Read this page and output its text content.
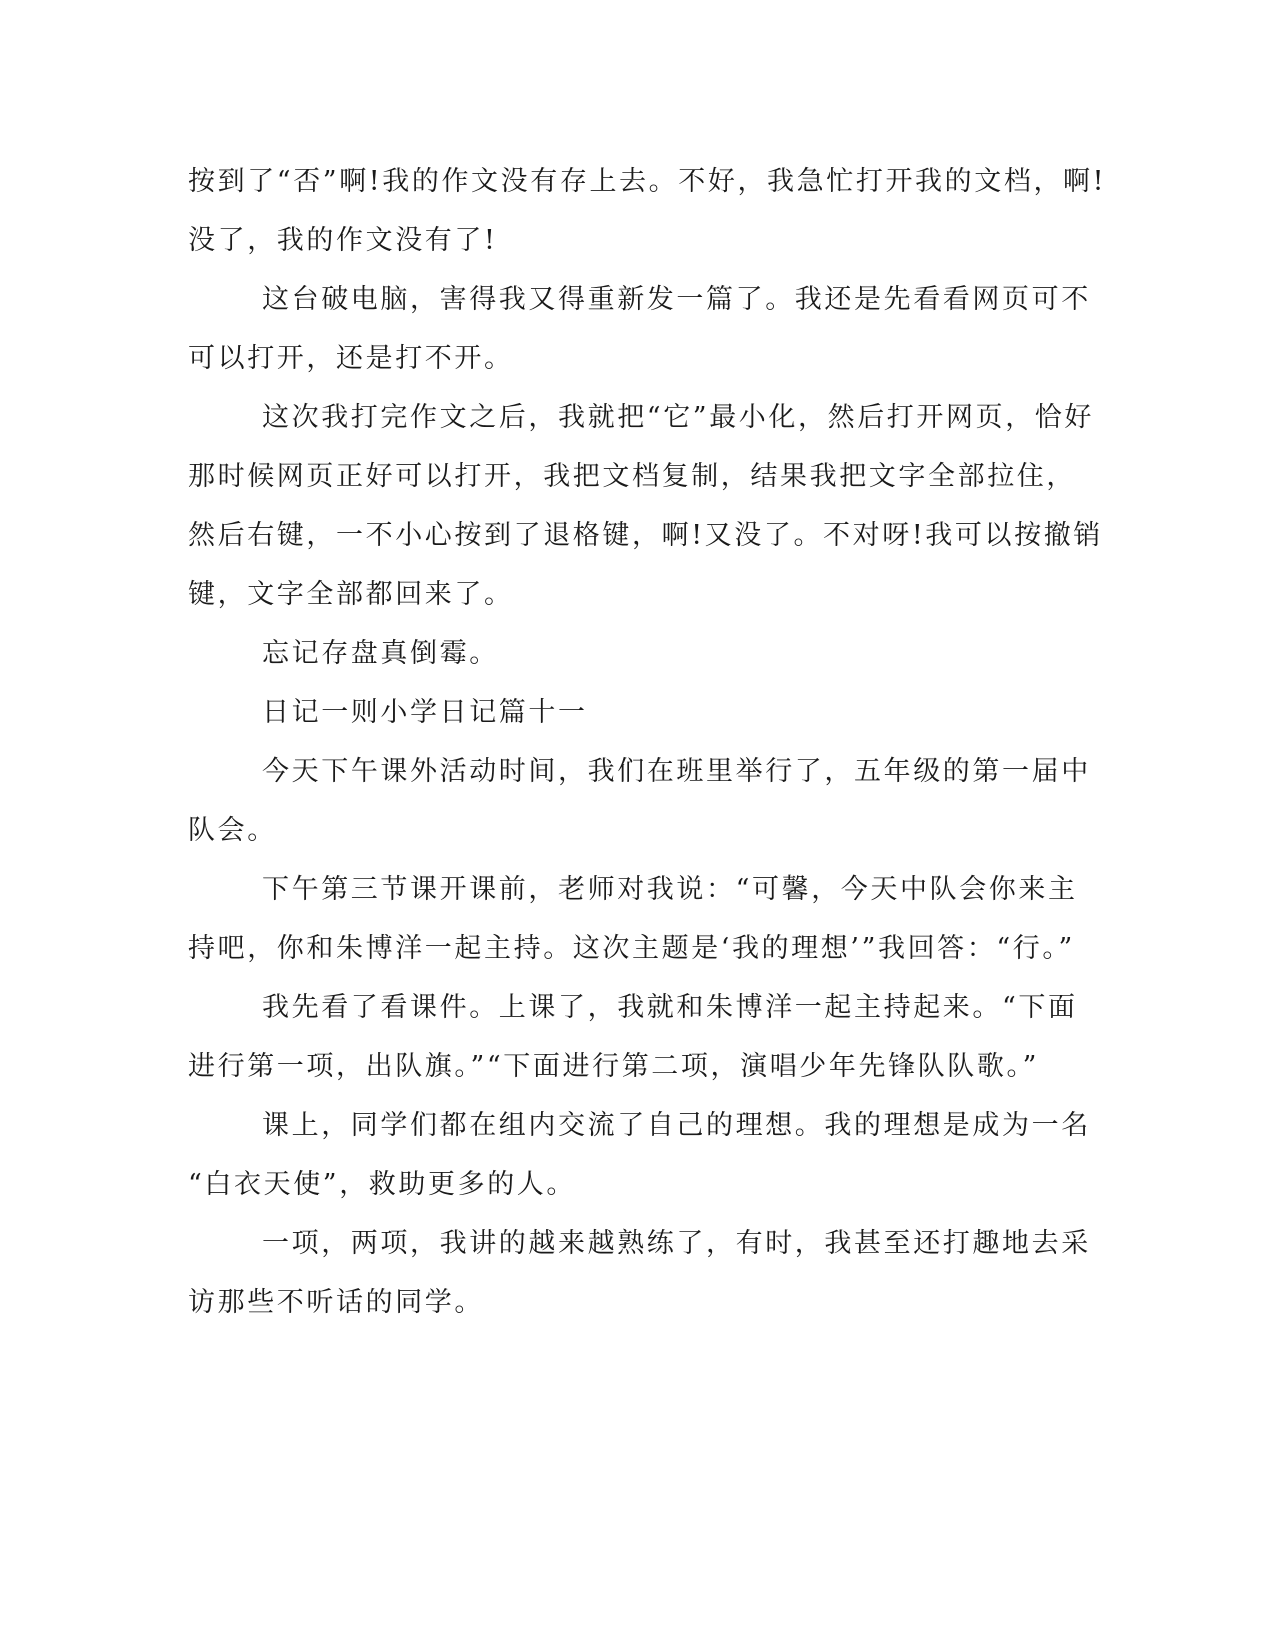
按到了“否”啊!我的作文没有存上去。不好，我急忙打开我的文档，啊!
没了，我的作文没有了!
这台破电脑，害得我又得重新发一篇了。我还是先看看网页可不
可以打开，还是打不开。
这次我打完作文之后，我就把“它”最小化，然后打开网页，恰好
那时候网页正好可以打开，我把文档复制，结果我把文字全部拉住，
然后右键，一不小心按到了退格键，啊!又没了。不对呀!我可以按撤销
键，文字全部都回来了。
忘记存盘真倒霉。
日记一则小学日记篇十一
今天下午课外活动时间，我们在班里举行了，五年级的第一届中
队会。
下午第三节课开课前，老师对我说：“可馨，今天中队会你来主
持吧，你和朱博洋一起主持。这次主题是‘我的理想’”我回答：“行。”
我先看了看课件。上课了，我就和朱博洋一起主持起来。“下面
进行第一项，出队旗。”“下面进行第二项，演唱少年先锋队队歌。”
课上，同学们都在组内交流了自己的理想。我的理想是成为一名
“白衣天使”，救助更多的人。
一项，两项，我讲的越来越熟练了，有时，我甚至还打趣地去采
访那些不听话的同学。
